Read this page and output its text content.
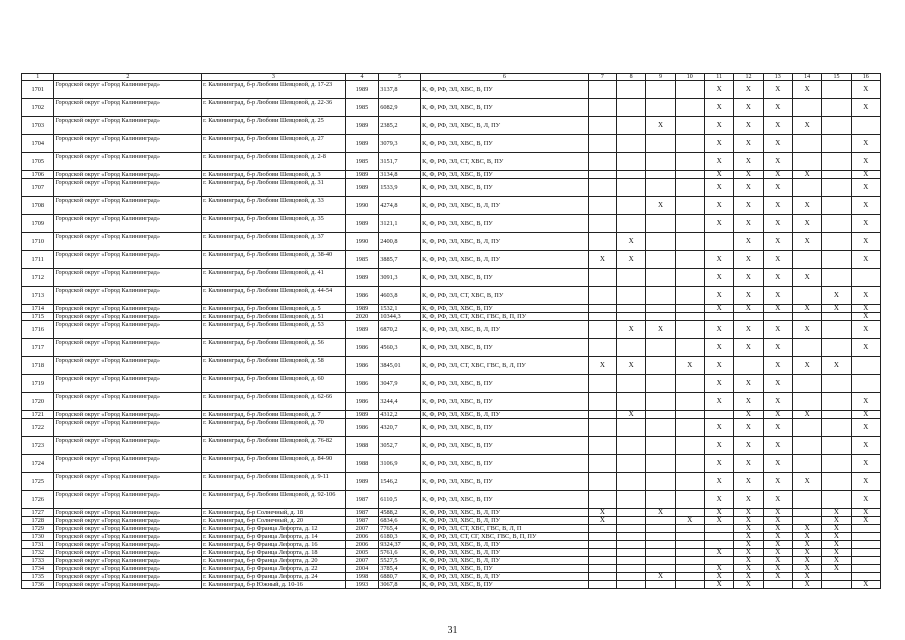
1	2	3	4	5	6	7	8	9	10	11	12	13	14	15	16
1701	Городской округ «Город Калининград»	г. Калининград, б-р Любови Шевцовой, д. 17-23	1989	3137,8	К, Ф, РФ, ЭЛ, ХВС, В, ПУ					X	X	X	X		X
1702	Городской округ «Город Калининград»	г. Калининград, б-р Любови Шевцовой, д. 22-36	1985	6082,9	К, Ф, РФ, ЭЛ, ХВС, В, ПУ					X	X	X			X
1703	Городской округ «Город Калининград»	г. Калининград, б-р Любови Шевцовой, д. 25	1989	2385,2	К, Ф, РФ, ЭЛ, ХВС, В, Л, ПУ			X		X	X	X	X		
1704	Городской округ «Город Калининград»	г. Калининград, б-р Любови Шевцовой, д. 27	1989	3079,3	К, Ф, РФ, ЭЛ, ХВС, В, ПУ					X	X	X			X
1705	Городской округ «Город Калининград»	г. Калининград, б-р Любови Шевцовой, д. 2-8	1985	3151,7	К, Ф, РФ, ЭЛ, СТ, ХВС, В, ПУ					X	X	X			X
1706	Городской округ «Город Калининград»	г. Калининград, б-р Любови Шевцовой, д. 3	1989	3134,8	К, Ф, РФ, ЭЛ, ХВС, В, ПУ					X	X	X	X		X
1707	Городской округ «Город Калининград»	г. Калининград, б-р Любови Шевцовой, д. 31	1989	1533,9	К, Ф, РФ, ЭЛ, ХВС, В, ПУ					X	X	X			X
1708	Городской округ «Город Калининград»	г. Калининград, б-р Любови Шевцовой, д. 33	1990	4274,8	К, Ф, РФ, ЭЛ, ХВС, В, Л, ПУ			X		X	X	X	X		X
1709	Городской округ «Город Калининград»	г. Калининград, б-р Любови Шевцовой, д. 35	1989	3121,1	К, Ф, РФ, ЭЛ, ХВС, В, ПУ					X	X	X	X		X
1710	Городской округ «Город Калининград»	г. Калининград, б-р Любови Шевцовой, д. 37	1990	2400,8	К, Ф, РФ, ЭЛ, ХВС, В, Л, ПУ		X				X	X	X		X
1711	Городской округ «Город Калининград»	г. Калининград, б-р Любови Шевцовой, д. 38-40	1985	3885,7	К, Ф, РФ, ЭЛ, ХВС, В, Л, ПУ	X	X			X	X	X			X
1712	Городской округ «Город Калининград»	г. Калининград, б-р Любови Шевцовой, д. 41	1989	3091,3	К, Ф, РФ, ЭЛ, ХВС, В, ПУ					X	X	X	X		
1713	Городской округ «Город Калининград»	г. Калининград, б-р Любови Шевцовой, д. 44-54	1986	4603,8	К, Ф, РФ, ЭЛ, СТ, ХВС, В, ПУ					X	X	X		X	X
1714	Городской округ «Город Калининград»	г. Калининград, б-р Любови Шевцовой, д. 5	1989	1532,1	К, Ф, РФ, ЭЛ, ХВС, В, ПУ					X	X	X	X	X	X
1715	Городской округ «Город Калининград»	г. Калининград, б-р Любови Шевцовой, д. 51	2020	10344,3	К, Ф, РФ, ЭЛ, СТ, ХВС, ГВС, В, П, ПУ										X
1716	Городской округ «Город Калининград»	г. Калининград, б-р Любови Шевцовой, д. 53	1989	6870,2	К, Ф, РФ, ЭЛ, ХВС, В, Л, ПУ		X	X		X	X	X	X		X
1717	Городской округ «Город Калининград»	г. Калининград, б-р Любови Шевцовой, д. 56	1986	4560,3	К, Ф, РФ, ЭЛ, ХВС, В, ПУ					X	X	X			X
1718	Городской округ «Город Калининград»	г. Калининград, б-р Любови Шевцовой, д. 58	1986	3845,01	К, Ф, РФ, ЭЛ, СТ, ХВС, ГВС, В, Л, ПУ	X	X		X	X		X	X	X	
1719	Городской округ «Город Калининград»	г. Калининград, б-р Любови Шевцовой, д. 60	1986	3047,9	К, Ф, РФ, ЭЛ, ХВС, В, ПУ					X	X	X			
1720	Городской округ «Город Калининград»	г. Калининград, б-р Любови Шевцовой, д. 62-66	1986	3244,4	К, Ф, РФ, ЭЛ, ХВС, В, ПУ					X	X	X			X
1721	Городской округ «Город Калининград»	г. Калининград, б-р Любови Шевцовой, д. 7	1989	4312,2	К, Ф, РФ, ЭЛ, ХВС, В, Л, ПУ		X				X	X	X		X
1722	Городской округ «Город Калининград»	г. Калининград, б-р Любови Шевцовой, д. 70	1986	4320,7	К, Ф, РФ, ЭЛ, ХВС, В, ПУ					X	X	X			X
1723	Городской округ «Город Калининград»	г. Калининград, б-р Любови Шевцовой, д. 76-82	1988	3052,7	К, Ф, РФ, ЭЛ, ХВС, В, ПУ					X	X	X			X
1724	Городской округ «Город Калининград»	г. Калининград, б-р Любови Шевцовой, д. 84-90	1988	3106,9	К, Ф, РФ, ЭЛ, ХВС, В, ПУ					X	X	X			X
1725	Городской округ «Город Калининград»	г. Калининград, б-р Любови Шевцовой, д. 9-11	1989	1546,2	К, Ф, РФ, ЭЛ, ХВС, В, ПУ					X	X	X	X		X
1726	Городской округ «Город Калининград»	г. Калининград, б-р Любови Шевцовой, д. 92-106	1987	6110,5	К, Ф, РФ, ЭЛ, ХВС, В, ПУ					X	X	X			X
1727	Городской округ «Город Калининград»	г. Калининград, б-р Солнечный, д. 18	1987	4588,2	К, Ф, РФ, ЭЛ, ХВС, В, Л, ПУ	X		X		X	X	X		X	X
1728	Городской округ «Город Калининград»	г. Калининград, б-р Солнечный, д. 20	1987	6834,6	К, Ф, РФ, ЭЛ, ХВС, В, Л, ПУ	X			X	X	X	X		X	X
1729	Городской округ «Город Калининград»	г. Калининград, б-р Франца Лефорта, д. 12	2007	7765,4	К, Ф, РФ, ЭЛ, СТ, ХВС, ГВС, В, Л, П						X	X	X	X	
1730	Городской округ «Город Калининград»	г. Калининград, б-р Франца Лефорта, д. 14	2006	6180,3	К, Ф, РФ, ЭЛ, СТ, СГ, ХВС, ГВС, В, П, ПУ						X	X	X	X	
1731	Городской округ «Город Калининград»	г. Калининград, б-р Франца Лефорта, д. 16	2006	9324,37	К, Ф, РФ, ЭЛ, ХВС, В, Л, ПУ						X	X	X	X	
1732	Городской округ «Город Калининград»	г. Калининград, б-р Франца Лефорта, д. 18	2005	5761,6	К, Ф, РФ, ЭЛ, ХВС, В, Л, ПУ					X	X	X	X	X	
1733	Городской округ «Город Калининград»	г. Калининград, б-р Франца Лефорта, д. 20	2007	5527,5	К, Ф, РФ, ЭЛ, ХВС, В, Л, ПУ						X	X	X	X	
1734	Городской округ «Город Калининград»	г. Калининград, б-р Франца Лефорта, д. 22	2004	3785,4	К, Ф, РФ, ЭЛ, ХВС, В, ПУ					X	X	X	X	X	
1735	Городской округ «Город Калининград»	г. Калининград, б-р Франца Лефорта, д. 24	1998	6880,7	К, Ф, РФ, ЭЛ, ХВС, В, Л, ПУ			X		X	X	X	X		
1736	Городской округ «Город Калининград»	г. Калининград, б-р Южный, д. 10-16	1993	3067,8	К, Ф, РФ, ЭЛ, ХВС, В, ПУ					X	X		X		X
31
